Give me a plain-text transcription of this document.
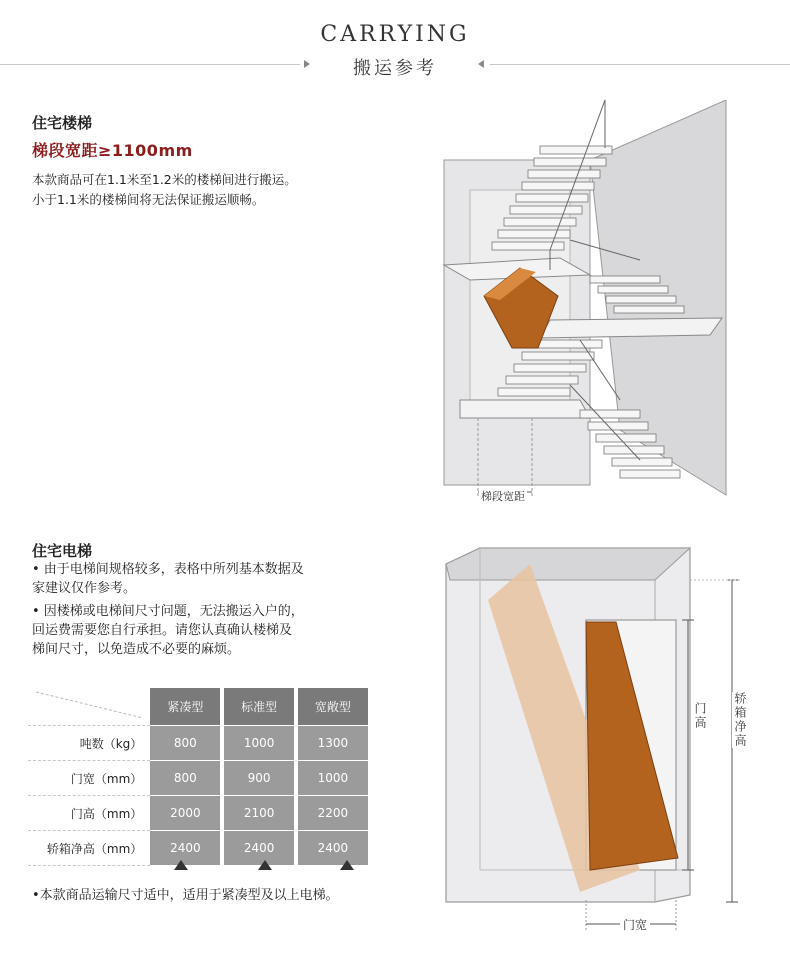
CARRYING
搬运参考
住宅楼梯
梯段宽距≥1100mm
本款商品可在1.1米至1.2米的楼梯间进行搬运。
小于1.1米的楼梯间将无法保证搬运顺畅。
梯段宽距
住宅电梯
• 由于电梯间规格较多，表格中所列基本数据及
家建议仅作参考。
• 因楼梯或电梯间尺寸问题，无法搬运入户的，
回运费需要您自行承担。请您认真确认楼梯及
梯间尺寸，以免造成不必要的麻烦。
	紧凑型		标准型		宽敞型
吨数（kg）	800		1000		1300
门宽（mm）	800		900		1000
门高（mm）	2000		2100		2200
轿箱净高（mm）	2400		2400		2400
•本款商品运输尺寸适中，适用于紧凑型及以上电梯。
门高 轿箱净高
门宽
